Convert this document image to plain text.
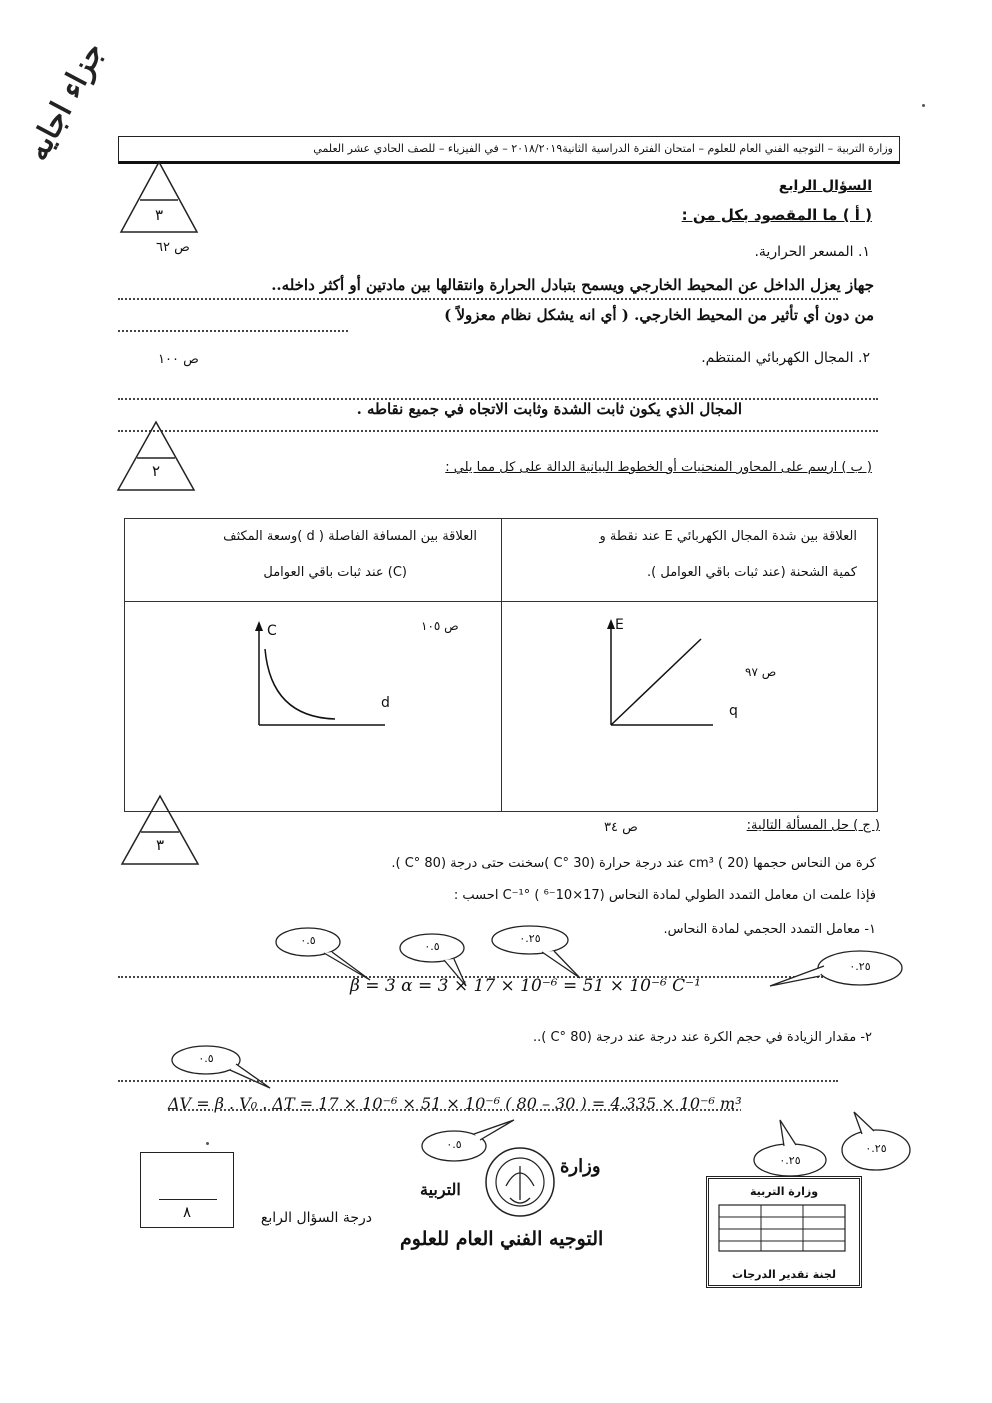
وزارة التربية – التوجيه الفني العام للعلوم – امتحان الفترة الدراسية الثانية٢٠١٨/٢٠١٩ – في الفيزياء – للصف الحادي عشر العلمي
جزاء اجايه
٣
السؤال الرابع
( أ ) ما المقصود بكل من :
ص ٦٢	١. المسعر الحرارية.
جهاز يعزل الداخل عن المحيط الخارجي ويسمح بتبادل الحرارة وانتقالها بين مادتين أو أكثر داخله..
من دون أي تأثير من المحيط الخارجي. ( أي انه يشكل نظام معزولاً )
ص ١٠٠	٢. المجال الكهربائي المنتظم.
المجال الذي يكون ثابت الشدة وثابت الاتجاه في جميع نقاطه .
٢	( ب ) ارسم على المحاور المنحنيات أو الخطوط البيانية الدالة على كل مما يلي :
العلاقة بين شدة المجال الكهربائي E عند نقطة و
كمية الشحنة (عند ثبات باقي العوامل ).
العلاقة بين المسافة الفاصلة ( d )وسعة المكثف
(C) عند ثبات باقي العوامل
ص ١٠٥
C
d
ص ٩٧
E
q
٣
( ج ) حل المسألة التالية:
ص ٣٤
كرة من النحاس حجمها (20 ) cm³ عند درجة حرارة (30 °C )سخنت حتى درجة (80 °C ).
فإذا علمت ان معامل التمدد الطولي لمادة النحاس (17×10⁻⁶ ) °C⁻¹ احسب :
١- معامل التمدد الحجمي لمادة النحاس.
β = 3 α = 3 × 17 × 10⁻⁶ = 51 × 10⁻⁶ C⁻¹
٠.٥	٠.٥
٠.٢٥
٠.٢٥
٢- مقدار الزيادة في حجم الكرة عند درجة عند درجة (80 °C )..
٠.٥
ΔV = β . V₀ . ΔT = 17 × 10⁻⁶ × 51 × 10⁻⁶ ( 80 – 30 ) = 4.335 × 10⁻⁶ m³
٠.٥
٠.٢٥
٠.٢٥
٨	درجة السؤال الرابع
وزارة
التربية
التوجيه الفني العام للعلوم
وزارة التربية
لجنة تقدير الدرجات
